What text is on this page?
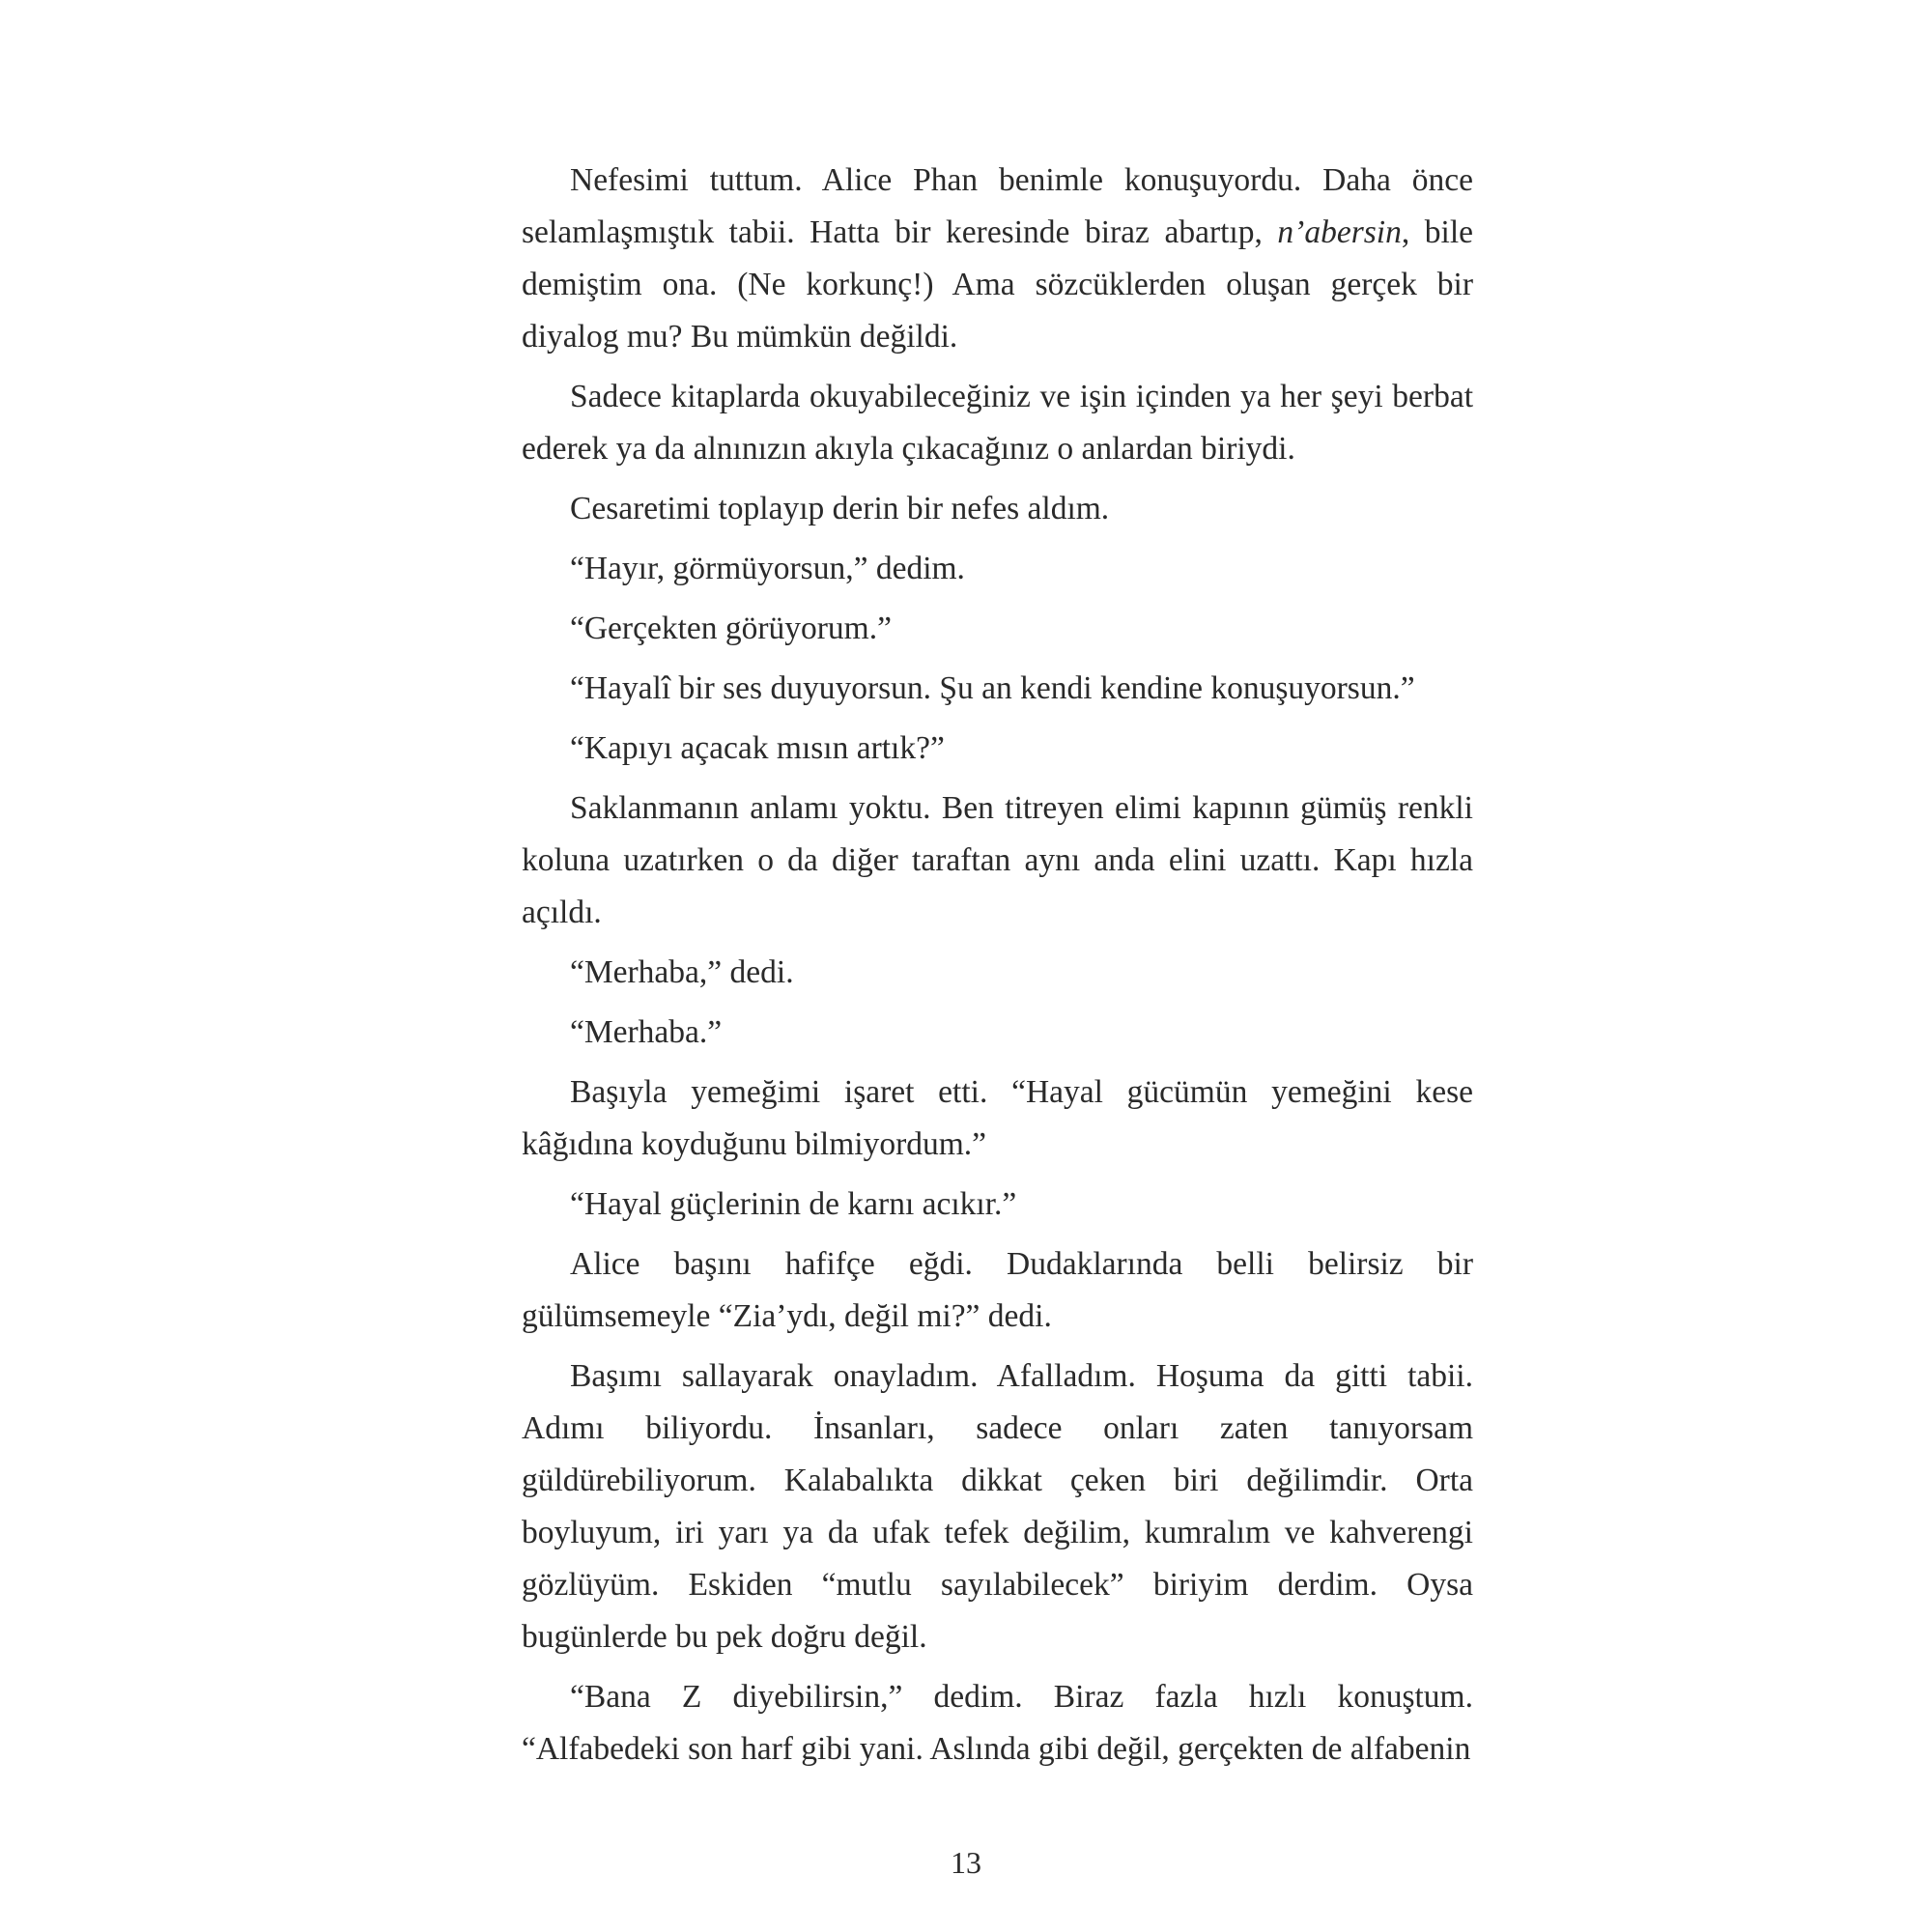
Nefesimi tuttum. Alice Phan benimle konuşuyordu. Daha önce selamlaşmıştık tabii. Hatta bir keresinde biraz abartıp, n’abersin, bile demiştim ona. (Ne korkunç!) Ama sözcüklerden oluşan gerçek bir diyalog mu? Bu mümkün değildi.

Sadece kitaplarda okuyabileceğiniz ve işin içinden ya her şeyi berbat ederek ya da alnınızın akıyla çıkacağınız o anlardan biriydi.

Cesaretimi toplayıp derin bir nefes aldım.

“Hayır, görmüyorsun,” dedim.

“Gerçekten görüyorum.”

“Hayalî bir ses duyuyorsun. Şu an kendi kendine konuşuyorsun.”

“Kapıyı açacak mısın artık?”

Saklanmanın anlamı yoktu. Ben titreyen elimi kapının gümüş renkli koluna uzatırken o da diğer taraftan aynı anda elini uzattı. Kapı hızla açıldı.

“Merhaba,” dedi.

“Merhaba.”

Başıyla yemeğimi işaret etti. “Hayal gücümün yemeğini kese kâğıdına koyduğunu bilmiyordum.”

“Hayal güçlerinin de karnı acıkır.”

Alice başını hafifçe eğdi. Dudaklarında belli belirsiz bir gülümsemeyle “Zia’ydı, değil mi?” dedi.

Başımı sallayarak onayladım. Afalladım. Hoşuma da gitti tabii. Adımı biliyordu. İnsanları, sadece onları zaten tanıyorsam güldürebiliyorum. Kalabalıkta dikkat çeken biri değilimdir. Orta boyluyum, iri yarı ya da ufak tefek değilim, kumralım ve kahverengi gözlüyüm. Eskiden “mutlu sayılabilecek” biriyim derdim. Oysa bugünlerde bu pek doğru değil.

“Bana Z diyebilirsin,” dedim. Biraz fazla hızlı konuştum. “Alfabedeki son harf gibi yani. Aslında gibi değil, gerçekten de alfabenin

13
